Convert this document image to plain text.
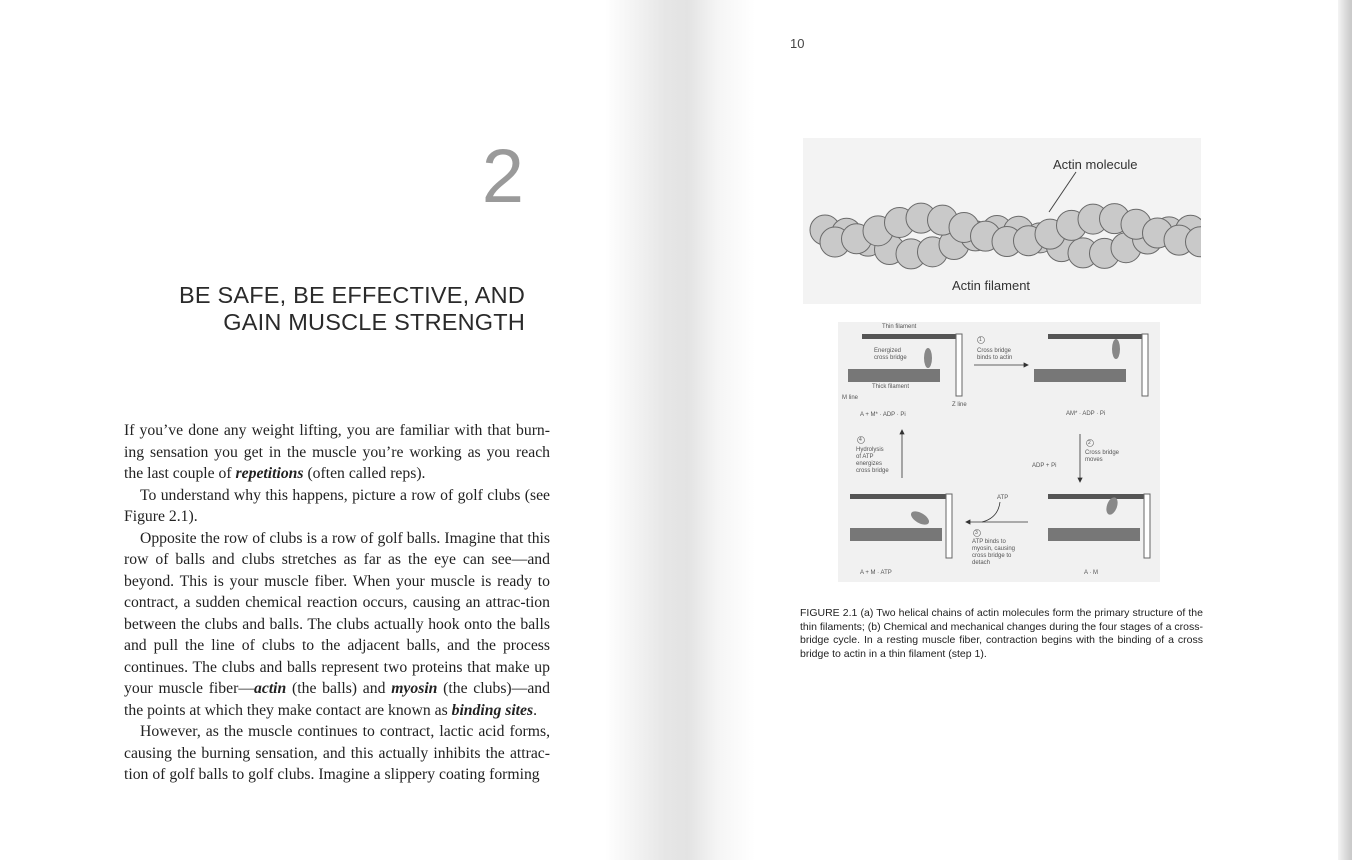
2
BE SAFE, BE EFFECTIVE, AND
GAIN MUSCLE STRENGTH

If you’ve done any weight lifting, you are familiar with that burn-ing sensation you get in the muscle you’re working as you reach the last couple of repetitions (often called reps).

To understand why this happens, picture a row of golf clubs (see Figure 2.1).

Opposite the row of clubs is a row of golf balls. Imagine that this row of balls and clubs stretches as far as the eye can see—and beyond. This is your muscle fiber. When your muscle is ready to contract, a sudden chemical reaction occurs, causing an attrac-tion between the clubs and balls. The clubs actually hook onto the balls and pull the line of clubs to the adjacent balls, and the process continues. The clubs and balls represent two proteins that make up your muscle fiber—actin (the balls) and myosin (the clubs)—and the points at which they make contact are known as binding sites.

However, as the muscle continues to contract, lactic acid forms, causing the burning sensation, and this actually inhibits the attrac-tion of golf balls to golf clubs. Imagine a slippery coating forming

10
Actin molecule
Actin filament
Thin filament
Energized
cross bridge
Thick filament
M line
Z line
A + M* · ADP · Pi	AM* · ADP · Pi
1
Cross bridge
binds to actin
2
Cross bridge
moves
ADP + Pi
ATP
3
ATP binds to
myosin, causing
cross bridge to
detach
4
Hydrolysis
of ATP
energizes
cross bridge
A + M · ATP	A · M
FIGURE 2.1 (a) Two helical chains of actin molecules form the primary structure of the thin filaments; (b) Chemical and mechanical changes during the four stages of a cross-bridge cycle. In a resting muscle fiber, contraction begins with the binding of a cross bridge to actin in a thin filament (step 1).
